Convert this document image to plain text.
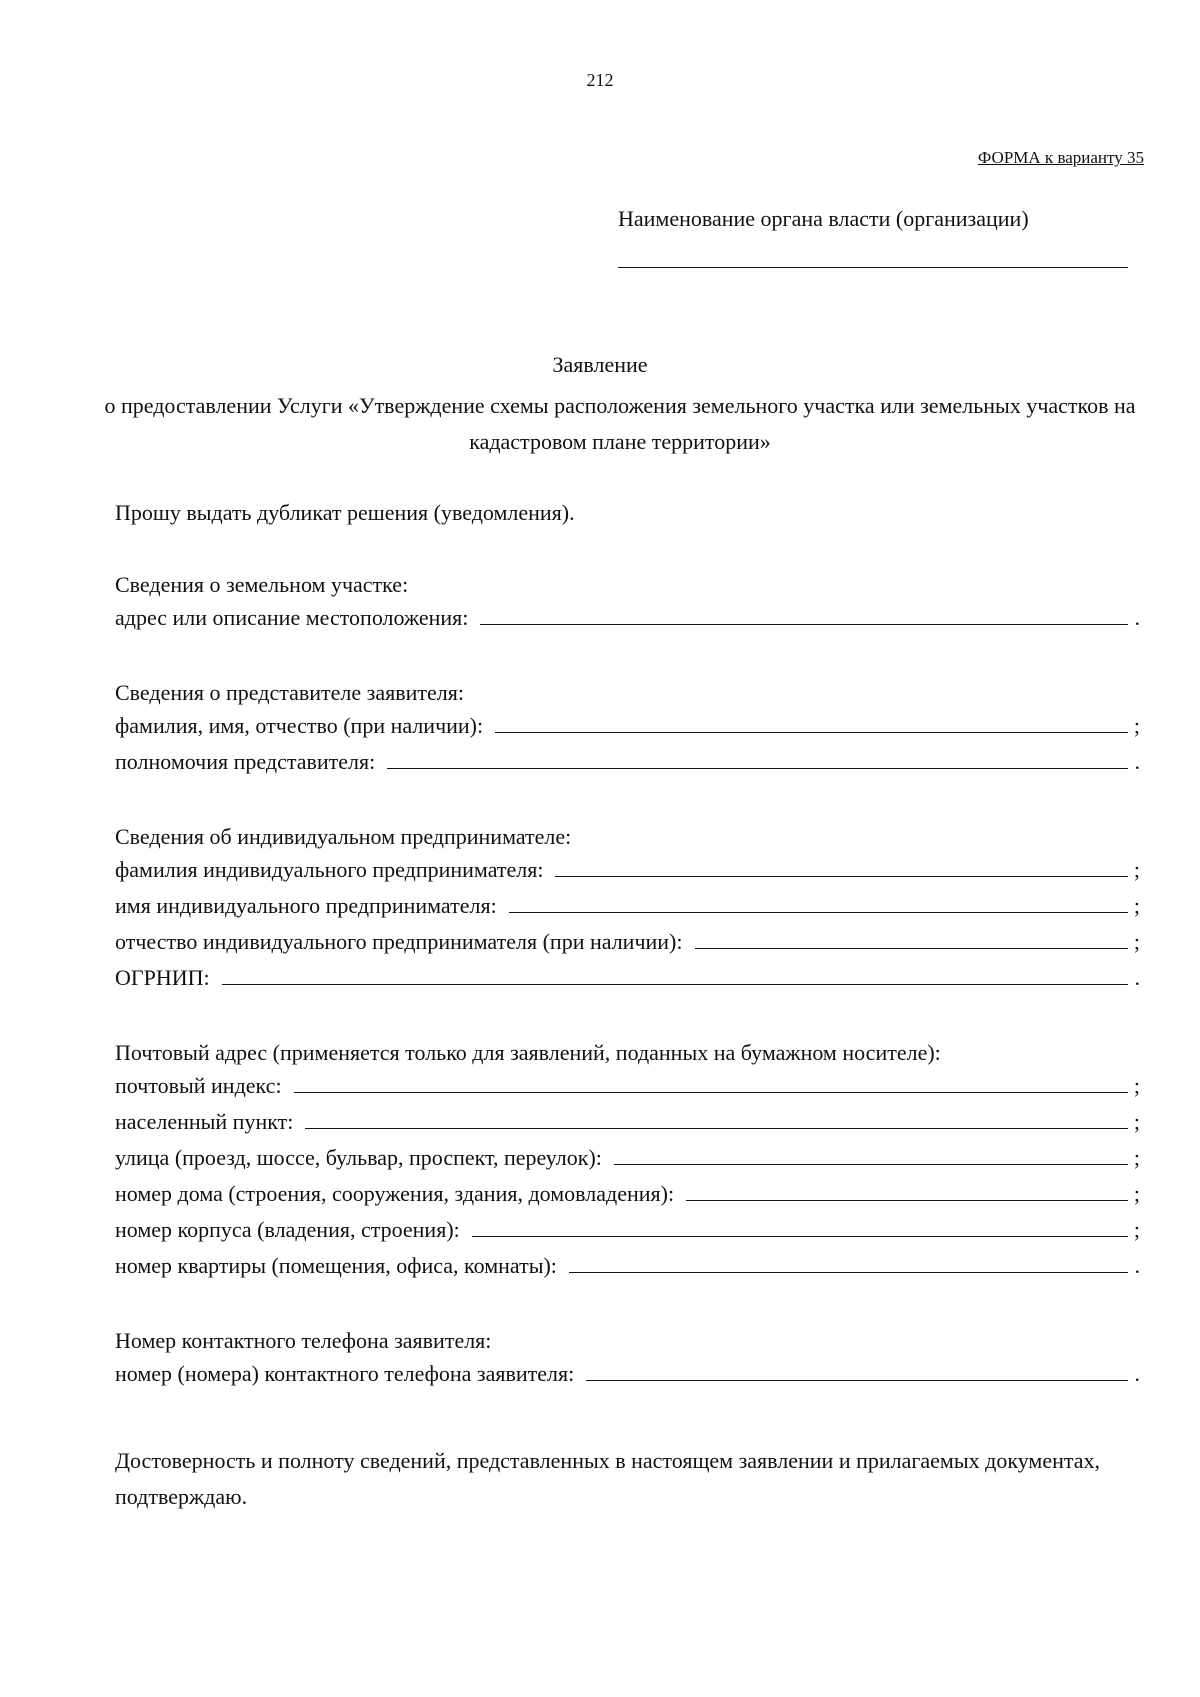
212
ФОРМА к варианту 35
Наименование органа власти (организации)
Заявление
о предоставлении Услуги «Утверждение схемы расположения земельного участка или земельных участков на кадастровом плане территории»
Прошу выдать дубликат решения (уведомления).
Сведения о земельном участке:
адрес или описание местоположения:	.
Сведения о представителе заявителя:
фамилия, имя, отчество (при наличии):	;
полномочия представителя:	.
Сведения об индивидуальном предпринимателе:
фамилия индивидуального предпринимателя:	;
имя индивидуального предпринимателя:	;
отчество индивидуального предпринимателя (при наличии):	;
ОГРНИП:	.
Почтовый адрес (применяется только для заявлений, поданных на бумажном носителе):
почтовый индекс:	;
населенный пункт:	;
улица (проезд, шоссе, бульвар, проспект, переулок):	;
номер дома (строения, сооружения, здания, домовладения):	;
номер корпуса (владения, строения):	;
номер квартиры (помещения, офиса, комнаты):	.
Номер контактного телефона заявителя:
номер (номера) контактного телефона заявителя:	.
Достоверность и полноту сведений, представленных в настоящем заявлении и прилагаемых документах, подтверждаю.
